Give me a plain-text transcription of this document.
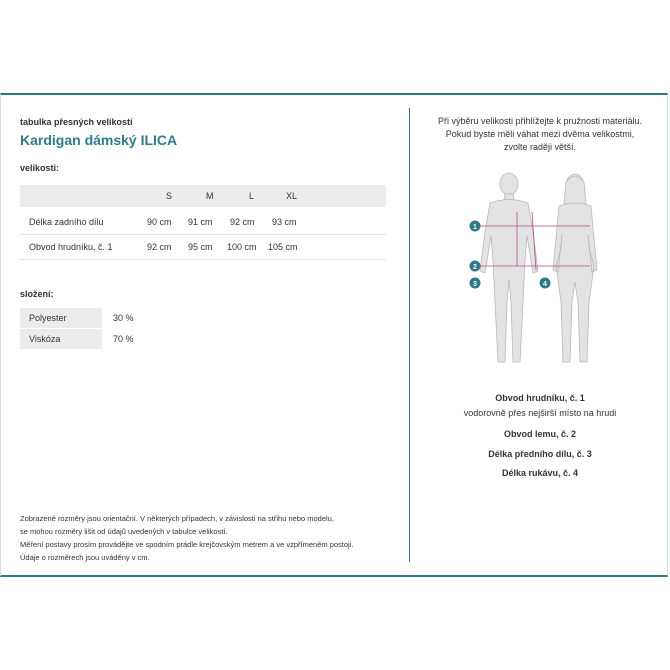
tabulka přesných velikostí
Kardigan dámský ILICA
velikosti:
S	M	L	XL
Délka zadního dílu	90 cm 91 cm 92 cm 93 cm
Obvod hrudníku, č. 1	92 cm 95 cm 100 cm 105 cm
složení:
Polyester	30 %
Viskóza	70 %
Zobrazené rozměry jsou orientační. V některých případech, v závislosti na střihu nebo modelu,
se mohou rozměry lišit od údajů uvedených v tabulce velikostí.
Měření postavy prosím provádějte ve spodním prádle krejčovským metrem a ve vzpřímeném postoji.
Údaje o rozměrech jsou uváděny v cm.
Při výběru velikosti přihlížejte k pružnosti materiálu.
Pokud byste měli váhat mezi dvěma velikostmi,
zvolte raději větší.
1
2
3	4
Obvod hrudníku, č. 1
vodorovně přes nejširší místo na hrudi
Obvod lemu, č. 2
Délka předního dílu, č. 3
Délka rukávu, č. 4
